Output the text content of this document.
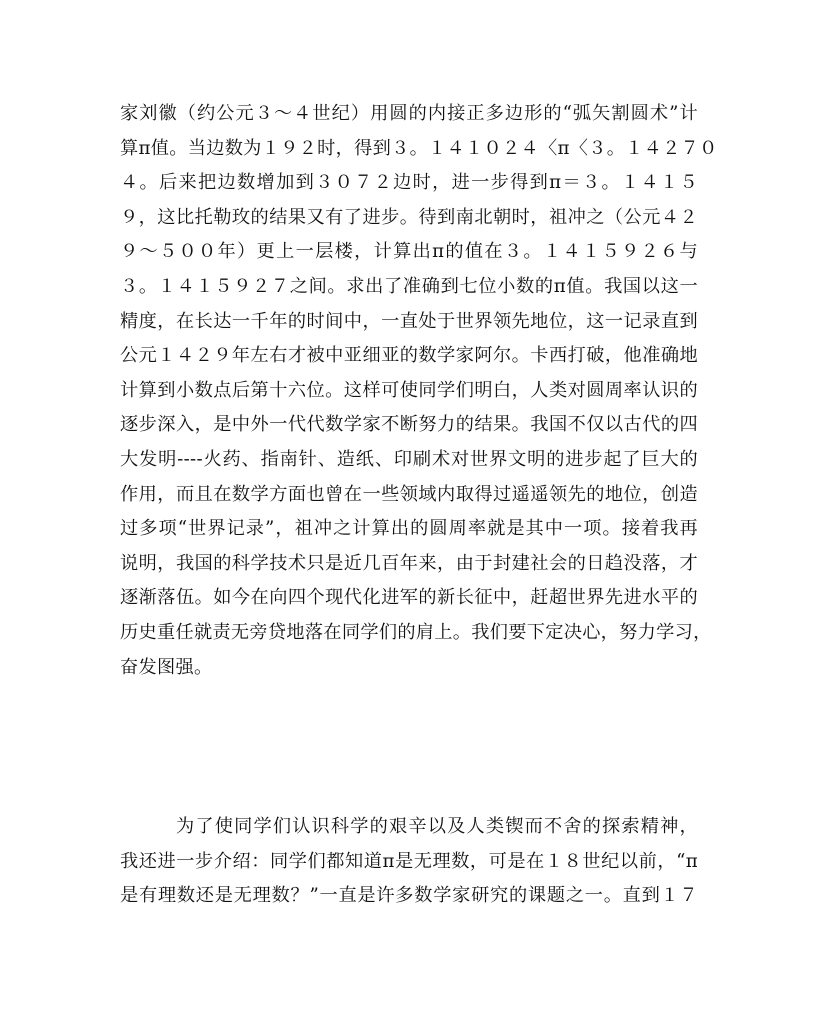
家刘徽（约公元３～４世纪）用圆的内接正多边形的“弧矢割圆术”计
算π值。当边数为１９２时，得到３。１４１０２４〈π〈３。１４２７０
４。后来把边数增加到３０７２边时，进一步得到π＝３。１４１５
９，这比托勒玫的结果又有了进步。待到南北朝时，祖冲之（公元４２
９～５００年）更上一层楼，计算出π的值在３。１４１５９２６与
３。１４１５９２７之间。求出了准确到七位小数的π值。我国以这一
精度，在长达一千年的时间中，一直处于世界领先地位，这一记录直到
公元１４２９年左右才被中亚细亚的数学家阿尔。卡西打破，他准确地
计算到小数点后第十六位。这样可使同学们明白，人类对圆周率认识的
逐步深入，是中外一代代数学家不断努力的结果。我国不仅以古代的四
大发明----火药、指南针、造纸、印刷术对世界文明的进步起了巨大的
作用，而且在数学方面也曾在一些领域内取得过遥遥领先的地位，创造
过多项“世界记录”，祖冲之计算出的圆周率就是其中一项。接着我再
说明，我国的科学技术只是近几百年来，由于封建社会的日趋没落，才
逐渐落伍。如今在向四个现代化进军的新长征中，赶超世界先进水平的
历史重任就责无旁贷地落在同学们的肩上。我们要下定决心，努力学习，
奋发图强。
为了使同学们认识科学的艰辛以及人类锲而不舍的探索精神，
我还进一步介绍：同学们都知道π是无理数，可是在１８世纪以前，“π
是有理数还是无理数？”一直是许多数学家研究的课题之一。直到１７
